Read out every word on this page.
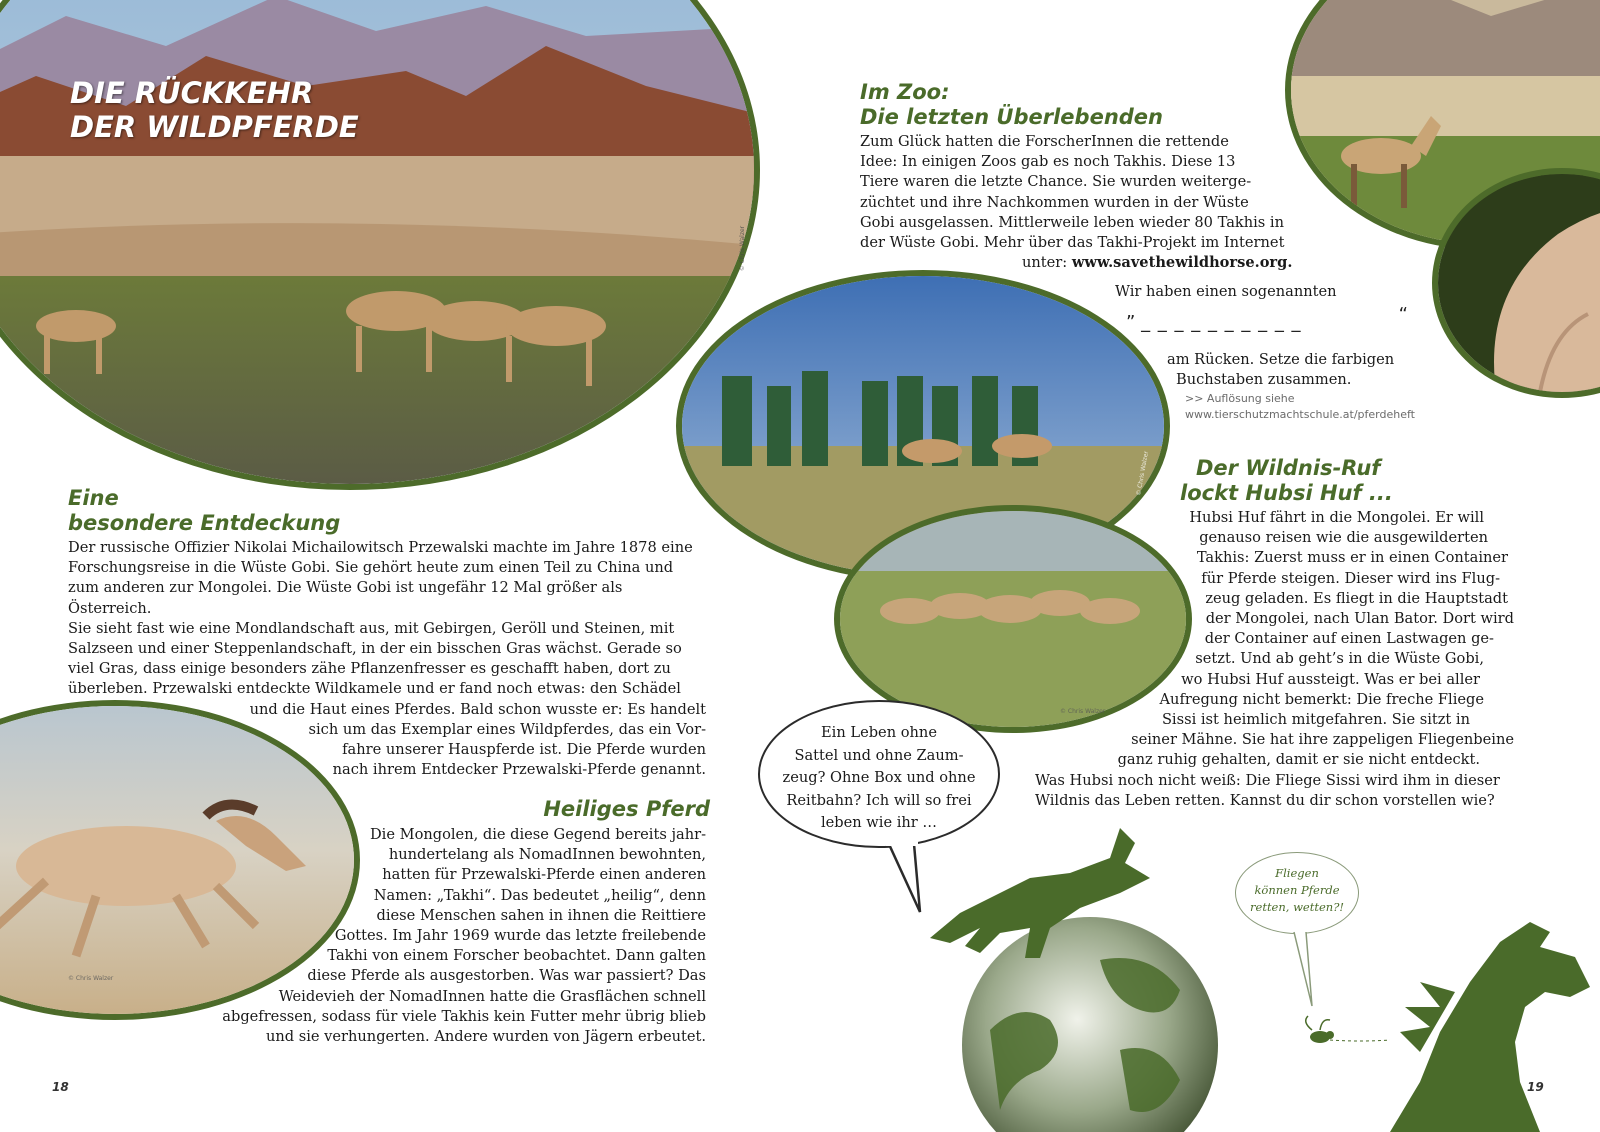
© Chris Walzer

DIE RÜCKKEHR

DER WILDPFERDE

Eine

besondere Entdeckung

Der russische Offizier Nikolai Michailowitsch Przewalski machte im Jahre 1878 eine

Forschungsreise in die Wüste Gobi. Sie gehört heute zum einen Teil zu China und

zum anderen zur Mongolei. Die Wüste Gobi ist ungefähr 12 Mal größer als Österreich.

Sie sieht fast wie eine Mondlandschaft aus, mit Gebirgen, Geröll und Steinen, mit

Salzseen und einer Steppenlandschaft, in der ein bisschen Gras wächst. Gerade so

viel Gras, dass einige besonders zähe Pflanzenfresser es geschafft haben, dort zu

überleben. Przewalski entdeckte Wildkamele und er fand noch etwas: den Schädel

und die Haut eines Pferdes. Bald schon wusste er: Es handelt

sich um das Exemplar eines Wildpferdes, das ein Vor-

fahre unserer Hauspferde ist. Die Pferde wurden

nach ihrem Entdecker Przewalski-Pferde genannt.

© Chris Walzer

Heiliges Pferd

Die Mongolen, die diese Gegend bereits jahr-

hundertelang als NomadInnen bewohnten,

hatten für Przewalski-Pferde einen anderen

Namen: „Takhi“. Das bedeutet „heilig“, denn

diese Menschen sahen in ihnen die Reittiere

Gottes. Im Jahr 1969 wurde das letzte freilebende

Takhi von einem Forscher beobachtet. Dann galten

diese Pferde als ausgestorben. Was war passiert? Das

Weidevieh der NomadInnen hatte die Grasflächen schnell

abgefressen, sodass für viele Takhis kein Futter mehr übrig blieb

und sie verhungerten. Andere wurden von Jägern erbeutet.

18

Im Zoo:

Die letzten Überlebenden

Zum Glück hatten die ForscherInnen die rettende

Idee: In einigen Zoos gab es noch Takhis. Diese 13

Tiere waren die letzte Chance. Sie wurden weiterge-

züchtet und ihre Nachkommen wurden in der Wüste

Gobi ausgelassen. Mittlerweile leben wieder 80 Takhis in

der Wüste Gobi. Mehr über das Takhi-Projekt im Internet

unter: www.savethewildhorse.org.

Wir haben einen sogenannten

” _ _ _ _ _ _ _ _ _ _	“

am Rücken. Setze die farbigen

Buchstaben zusammen.

>> Auflösung siehe

www.tierschutzmachtschule.at/pferdeheft

© Chris Walzer
© Chris Walzer

Der Wildnis-Ruf

lockt Hubsi Huf ...

Hubsi Huf fährt in die Mongolei. Er will

genauso reisen wie die ausgewilderten

Takhis: Zuerst muss er in einen Container

für Pferde steigen. Dieser wird ins Flug-

zeug geladen. Es fliegt in die Hauptstadt

der Mongolei, nach Ulan Bator. Dort wird

der Container auf einen Lastwagen ge-

setzt. Und ab geht’s in die Wüste Gobi,

wo Hubsi Huf aussteigt. Was er bei aller

Aufregung nicht bemerkt: Die freche Fliege

Sissi ist heimlich mitgefahren. Sie sitzt in

seiner Mähne. Sie hat ihre zappeligen Fliegenbeine

ganz ruhig gehalten, damit er sie nicht entdeckt.

Was Hubsi noch nicht weiß: Die Fliege Sissi wird ihm in dieser

Wildnis das Leben retten. Kannst du dir schon vorstellen wie?

Ein Leben ohne

Sattel und ohne Zaum-

zeug? Ohne Box und ohne

Reitbahn? Ich will so frei

leben wie ihr …

Fliegen

können Pferde

retten, wetten?!

19
